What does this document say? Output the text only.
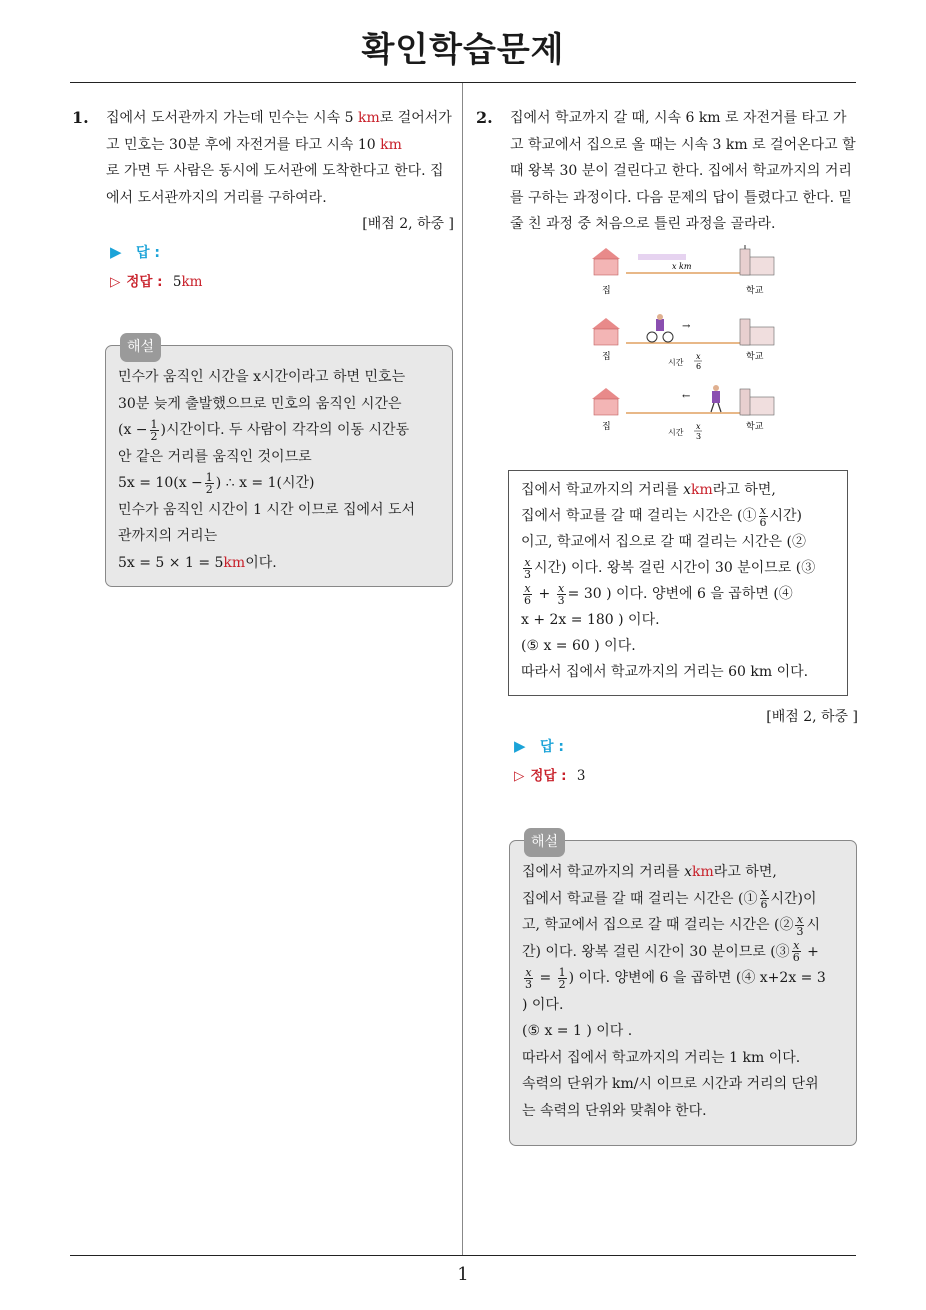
확인학습문제
1. 집에서 도서관까지 가는데 민수는 시속 5 km로 걸어서가고 민호는 30분 후에 자전거를 타고 시속 10 km
로 가면 두 사람은 동시에 도서관에 도착한다고 한다. 집에서 도서관까지의 거리를 구하여라.
[배점 2, 하중 ]
▶ 답 :
▷ 정답 : 5km
해설
민수가 움직인 시간을 x시간이라고 하면 민호는
30분 늦게 출발했으므로 민호의 움직인 시간은
($x - \frac{1}{2}$ )시간이다. 두 사람이 각각의 이동 시간동
안 같은 거리를 움직인 것이므로
$5x = 10(x - \frac{1}{2}$ ) ∴ x = 1(시간)
민수가 움직인 시간이 1 시간 이므로 집에서 도서
관까지의 거리는
5x = 5 × 1 = 5km이다.
2. 집에서 학교까지 갈 때, 시속 6 km 로 자전거를 타고 가고 학교에서 집으로 올 때는 시속 3 km 로 걸어온다고 할 때 왕복 30 분이 걸린다고 한다. 집에서 학교까지의 거리를 구하는 과정이다. 다음 문제의 답이 틀렸다고 한다. 밑줄 친 과정 중 처음으로 틀린 과정을 골라라.
집
x km
학교
→
집
시간
x
6
학교
←
집
시간
x
3
학교
집에서 학교까지의 거리를 xkm라고 하면,
집에서 학교를 갈 때 걸리는 시간은 (① $\frac{x}{6}$ 시간)
이고, 학교에서 집으로 갈 때 걸리는 시간은 (②
$\frac{x}{3}$ 시간) 이다. 왕복 걸린 시간이 30 분이므로 (③
$\frac{x}{6} + \frac{x}{3} = 30$ ) 이다. 양변에 6 을 곱하면 (④
x + 2x = 180 ) 이다.
(⑤ x = 60 ) 이다.
따라서 집에서 학교까지의 거리는 60 km 이다.
[배점 2, 하중 ]
▶ 답 :
▷ 정답 : 3
해설
집에서 학교까지의 거리를 xkm라고 하면,
집에서 학교를 갈 때 걸리는 시간은 (① $\frac{x}{6}$ 시간)이
고, 학교에서 집으로 갈 때 걸리는 시간은 (② $\frac{x}{3}$ 시
간) 이다. 왕복 걸린 시간이 30 분이므로 (③ $\frac{x}{6}$ +
$\frac{x}{3} = \frac{1}{2}$ ) 이다. 양변에 6 을 곱하면 (④ x+2x = 3
) 이다.
(⑤ x = 1 ) 이다 .
따라서 집에서 학교까지의 거리는 1 km 이다.
속력의 단위가 km/시 이므로 시간과 거리의 단위
는 속력의 단위와 맞춰야 한다.
1
